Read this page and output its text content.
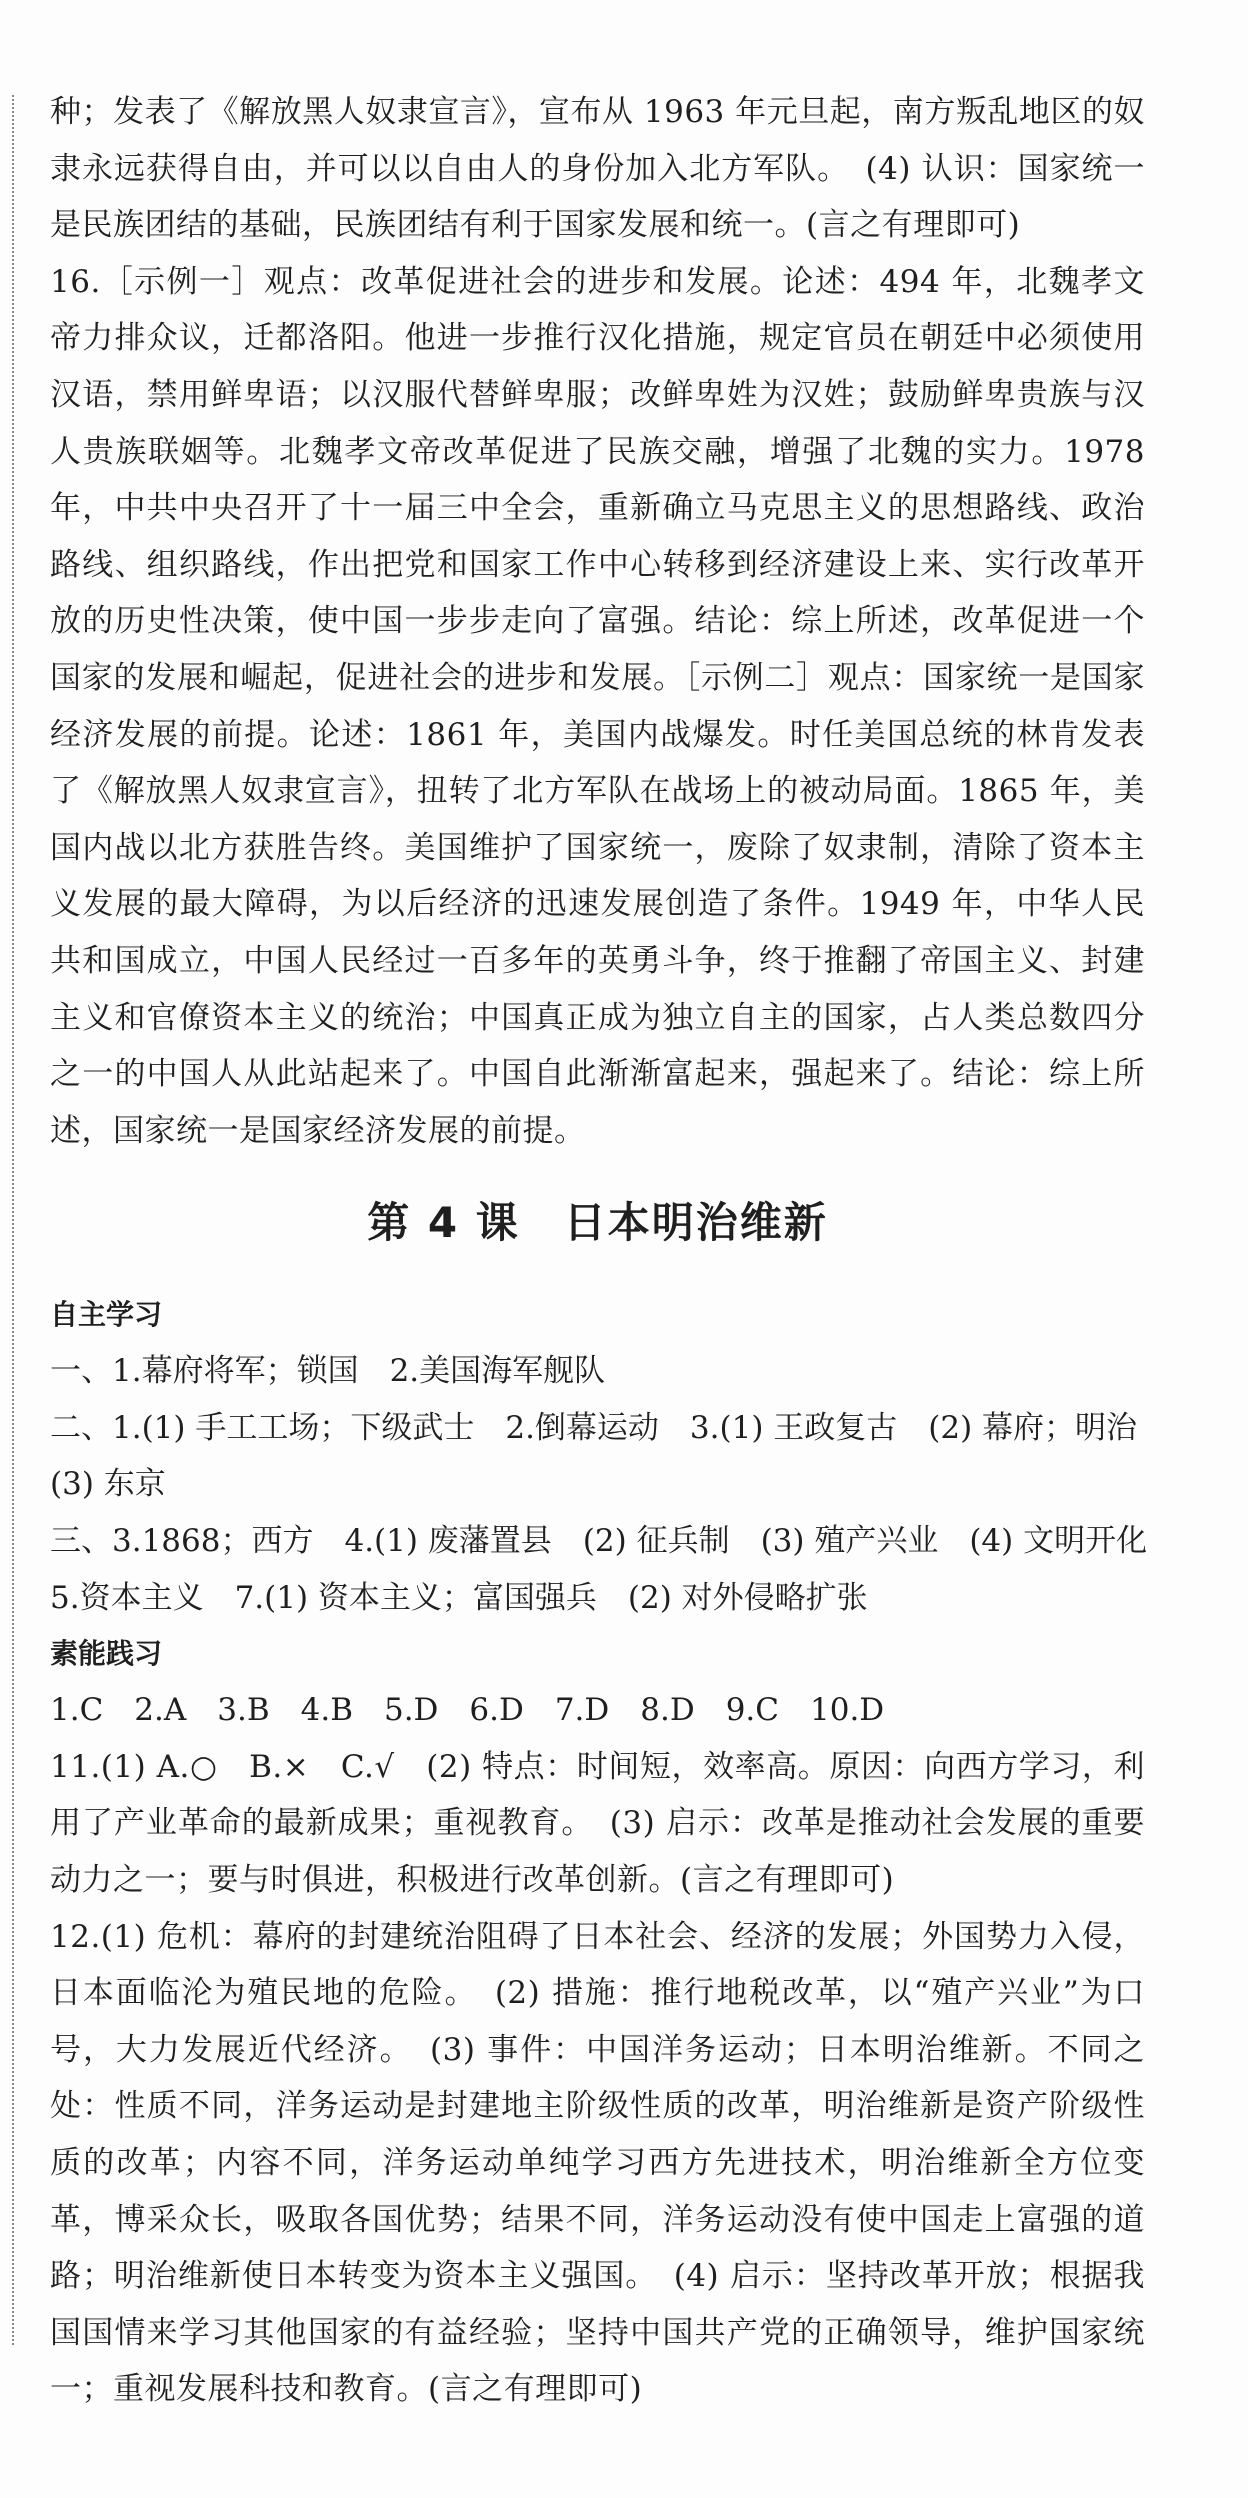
种；发表了《解放黑人奴隶宣言》，宣布从 1963 年元旦起，南方叛乱地区的奴隶永远获得自由，并可以以自由人的身份加入北方军队。　(4) 认识：国家统一是民族团结的基础，民族团结有利于国家发展和统一。(言之有理即可)

16.［示例一］观点：改革促进社会的进步和发展。论述：494 年，北魏孝文帝力排众议，迁都洛阳。他进一步推行汉化措施，规定官员在朝廷中必须使用汉语，禁用鲜卑语；以汉服代替鲜卑服；改鲜卑姓为汉姓；鼓励鲜卑贵族与汉人贵族联姻等。北魏孝文帝改革促进了民族交融，增强了北魏的实力。1978 年，中共中央召开了十一届三中全会，重新确立马克思主义的思想路线、政治路线、组织路线，作出把党和国家工作中心转移到经济建设上来、实行改革开放的历史性决策，使中国一步步走向了富强。结论：综上所述，改革促进一个国家的发展和崛起，促进社会的进步和发展。［示例二］观点：国家统一是国家经济发展的前提。论述：1861 年，美国内战爆发。时任美国总统的林肯发表了《解放黑人奴隶宣言》，扭转了北方军队在战场上的被动局面。1865 年，美国内战以北方获胜告终。美国维护了国家统一，废除了奴隶制，清除了资本主义发展的最大障碍，为以后经济的迅速发展创造了条件。1949 年，中华人民共和国成立，中国人民经过一百多年的英勇斗争，终于推翻了帝国主义、封建主义和官僚资本主义的统治；中国真正成为独立自主的国家，占人类总数四分之一的中国人从此站起来了。中国自此渐渐富起来，强起来了。结论：综上所述，国家统一是国家经济发展的前提。

第 4 课 日本明治维新

自主学习

一、1.幕府将军；锁国　2.美国海军舰队

二、1.(1) 手工工场；下级武士　2.倒幕运动　3.(1) 王政复古　(2) 幕府；明治

(3) 东京

三、3.1868；西方　4.(1) 废藩置县　(2) 征兵制　(3) 殖产兴业　(4) 文明开化

5.资本主义　7.(1) 资本主义；富国强兵　(2) 对外侵略扩张

素能践习

1.C　2.A　3.B　4.B　5.D　6.D　7.D　8.D　9.C　10.D

11.(1) A.○　B.×　C.√　(2) 特点：时间短，效率高。原因：向西方学习，利用了产业革命的最新成果；重视教育。　(3) 启示：改革是推动社会发展的重要动力之一；要与时俱进，积极进行改革创新。(言之有理即可)

12.(1) 危机：幕府的封建统治阻碍了日本社会、经济的发展；外国势力入侵，日本面临沦为殖民地的危险。　(2) 措施：推行地税改革，以“殖产兴业”为口号，大力发展近代经济。　(3) 事件：中国洋务运动；日本明治维新。不同之处：性质不同，洋务运动是封建地主阶级性质的改革，明治维新是资产阶级性质的改革；内容不同，洋务运动单纯学习西方先进技术，明治维新全方位变革，博采众长，吸取各国优势；结果不同，洋务运动没有使中国走上富强的道路；明治维新使日本转变为资本主义强国。　(4) 启示：坚持改革开放；根据我国国情来学习其他国家的有益经验；坚持中国共产党的正确领导，维护国家统一；重视发展科技和教育。(言之有理即可)
